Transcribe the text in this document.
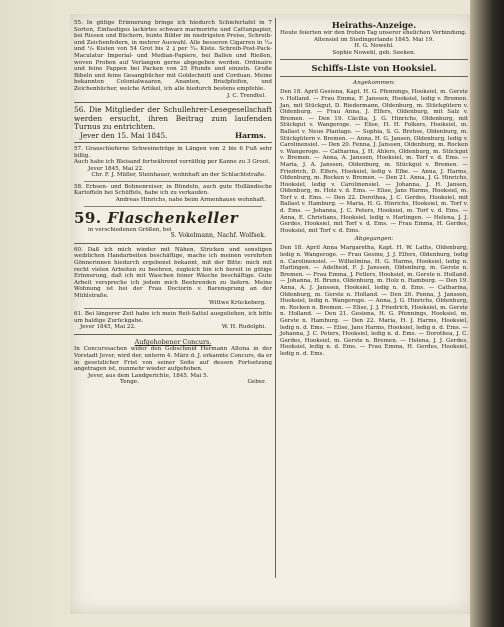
55. In gütige Erinnerung bringe ich hiedurch Schiefertafel in 7 Sorten, Einfasdiges lackirtes schwarz marmorirte und Cattunpapier, bei Riesen und Büchern, bunte Bilder im niedrigsten Preise, Schreib- und Zeichenfedern, in mehrer Auswahl. Alle besseren Cigarren in ½₀ und ¹/₆ Kisten von 54 Grot bis 2 ₰ per ½₀ Kiste. Schreib-Post-Pack-Maculatur Imperial- und Median-Papiere, bei Ballen und Rießen, woven Proben auf Verlangen gerne abgegeben werden. Ordinaire und feine Pappen bei Packen von 25 Pfunde und einzeln. Große Bibeln und feine Gesangbücher mit Goldschnitt und Corduan. Meine bekannten Colonialwaaren, Ananten, Briefpfeifen, und Zeichenbücher, welche Artikel, ich alle hiedurch bestens empfehle.

J. C. Trendtel.

56. Die Mitglieder der Schullehrer-Lesegesellschaft werden ersucht, ihren Beitrag zum laufenden Turnus zu entrichten.

Jever den 15. Mai 1845.	Harms.

57. Grauschieferne Schweinetröge in Längen von 2 bis 6 Fuß sehr billig.

Auch habe ich Bleisand fortwährend vorräthig per Kanne zu 3 Groot.

Jever 1845, Mai 22.

Chr. F. J. Müller, Steinhauer, wohnhaft an der Schlachtstraße.

58. Erbsen- und Bohnenreiser, in Bündeln, auch gute Holländische Kartoffeln bei Schüffels, habe ich zu verkaufen.

Andreas Hinrichs, nahe beim Armenhause wohnhaft.

59. Flaschenkeller

in verschiedenen Größen, bei

S. Vokelmann, Nachf. Wolfsek.

60. Daß ich mich wieder mit Nähen, Stricken und sonstigen weiblichen Handarbeiten beschäftige, mache ich meinen verehrten Gönnerinnen hiedurch ergebenst bekannt, mit der Bitte: mich mit recht vielen Arbeiten zu beehren, zugleich bin ich bereit in gütige Erinnerung, daß ich mit Waschen feiner Wäsche beschäftige. Gute Arbeit verspreche ich jedem mich Beehrenden zu liefern. Meine Wohnung ist bei der Frau Doctorin v. Barensprung an der Mühlstraße.

Wittwe Krückeberg.

61. Bei längerer Zeit habe ich mein Reit-Sattel ausgeliehen, ich bitte um baldige Zurückgabe.

Jever 1845, Mai 22.	W. H. Rudolphi.

Aufgehobener Concurs.

In Concurssachen wider den Gobschmid Hermann Altona in der Vorstadt Jever, wird der, unterm 4. März d. J. erkannte Concurs, da er in gesetzlicher Frist von seiner Seite auf dessen Fortsetzung angetragen ist, nunmehr wieder aufgehoben.

Jever, aus dem Landgerichte, 1845. Mai 5.

Tenge.	Geber.

Heiraths-Anzeige.

Heute feierten wir den frohen Tag unserer ehelichen Verbindung.

Altensiel im Stedingerlande 1845. Mai 19.

H. G. Nowehl.

Sophie Nowehl, geb. Seeken.

Schiffs-Liste von Hooksiel.

Angekommen:

Den 18. April Gesiena, Kapt. H. G. Pfennings, Hooksiel, m. Gerste v. Holland. — Frau Emma, F. Janssen, Hooksiel, ledig v. Bremen. Jan, mit Stückgut, D. Riedermann, Oldenburg, m. Stückgütern v. Oldenburg. — Frau Anna, J. Elfers, Oldenburg, mit Salz v. Bremen. — Den 19. Cäcilia, J. G. Hinrichs, Oldenburg, mit Stückgut v. Wangeroge. — Elise, H. H. Folkers, Hooksiel, m. Ballast v. Neue Plantage. — Sophia, S. G. Brehse, Oldenburg, m. Stückgütern v. Bremen. — Anna, H. G. Jansen, Oldenburg, ledig v. Carolinensiel. — Den 20. Fenna, J. Janssen, Oldenburg, m. Rocken v. Wangeroge. — Catharina, J. H. Ahlers, Oldenburg, m. Stückgut v. Bremen. — Anna, A. Janssen, Hooksiel, m. Torf v. d. Ems. — Maria, J. A. Janssen, Oldenburg, m. Stückgut v. Bremen. — Friedrich, D. Elfers, Hooksiel, ledig v. Elbe. — Anna, J. Harms, Oldenburg, m. Rocken v. Bremen. — Den 21. Anna, J. G. Hinrichs, Hooksiel, ledig v. Carolinensiel. — Johanna, J. H. Jansen, Oldenburg, m. Holz v. d. Ems. — Elise, Jans Harms, Hooksiel, m. Torf v. d. Ems. — Den 22. Dorothea, J. C. Gerdes, Hooksiel, mit Ballast v. Hamburg. — Maria, H. G. Hinrichs, Hooksiel, m. Torf v. d. Ems. — Johanna, J. C. Peters, Hooksiel, m. Torf v. d. Ems. — Anna, E. Christians, Hooksiel, ledig v. Harlingen. — Helena, J. J. Gerdes, Hooksiel, mit Torf v. d. Ems. — Frau Emma, H. Gerdes, Hooksiel, mit Torf v. d. Ems.

Abgegangen:

Den 18. April Anna Margaretha, Kapt. H. W. Laths, Oldenburg, ledig n. Wangeroge. — Frau Gesine, J. J. Elfers, Oldenburg, ledig n. Carolinensiel. — Wilhelmina, H. G. Harms, Hooksiel, ledig n. Harlingen. — Adelheid, F. J. Janssen, Oldenburg, m. Gerste n. Bremen. — Frau Emma, J. Fetlers, Hooksiel, m. Gerste n. Holland. — Johanna, H. Bruns, Oldenburg, m. Holz n. Hamburg. — Den 19. Anna, A. J. Janssen, Hooksiel, ledig n. d. Ems. — Catharina, Oldenburg, m. Gerste n. Holland. — Den 20. Fenna, J. Janssen, Hooksiel, ledig n. Wangeroge. — Anna, J. G. Hinrichs, Oldenburg, m. Rocken n. Bremen. — Elise, J. J. Friedrich, Hooksiel, m. Gerste n. Holland. — Den 21. Gesiena, H. G. Pfennings, Hooksiel, m. Gerste n. Hamburg. — Den 22. Maria, H. J. Harms, Hooksiel, ledig n. d. Ems. — Elise, Jans Harms, Hooksiel, ledig n. d. Ems. — Johanna, J. C. Peters, Hooksiel, ledig n. d. Ems. — Dorothea, J. C. Gerdes, Hooksiel, m. Gerste n. Bremen. — Helena, J. J. Gerdes, Hooksiel, ledig n. d. Ems. — Frau Emma, H. Gerdes, Hooksiel, ledig n. d. Ems.
